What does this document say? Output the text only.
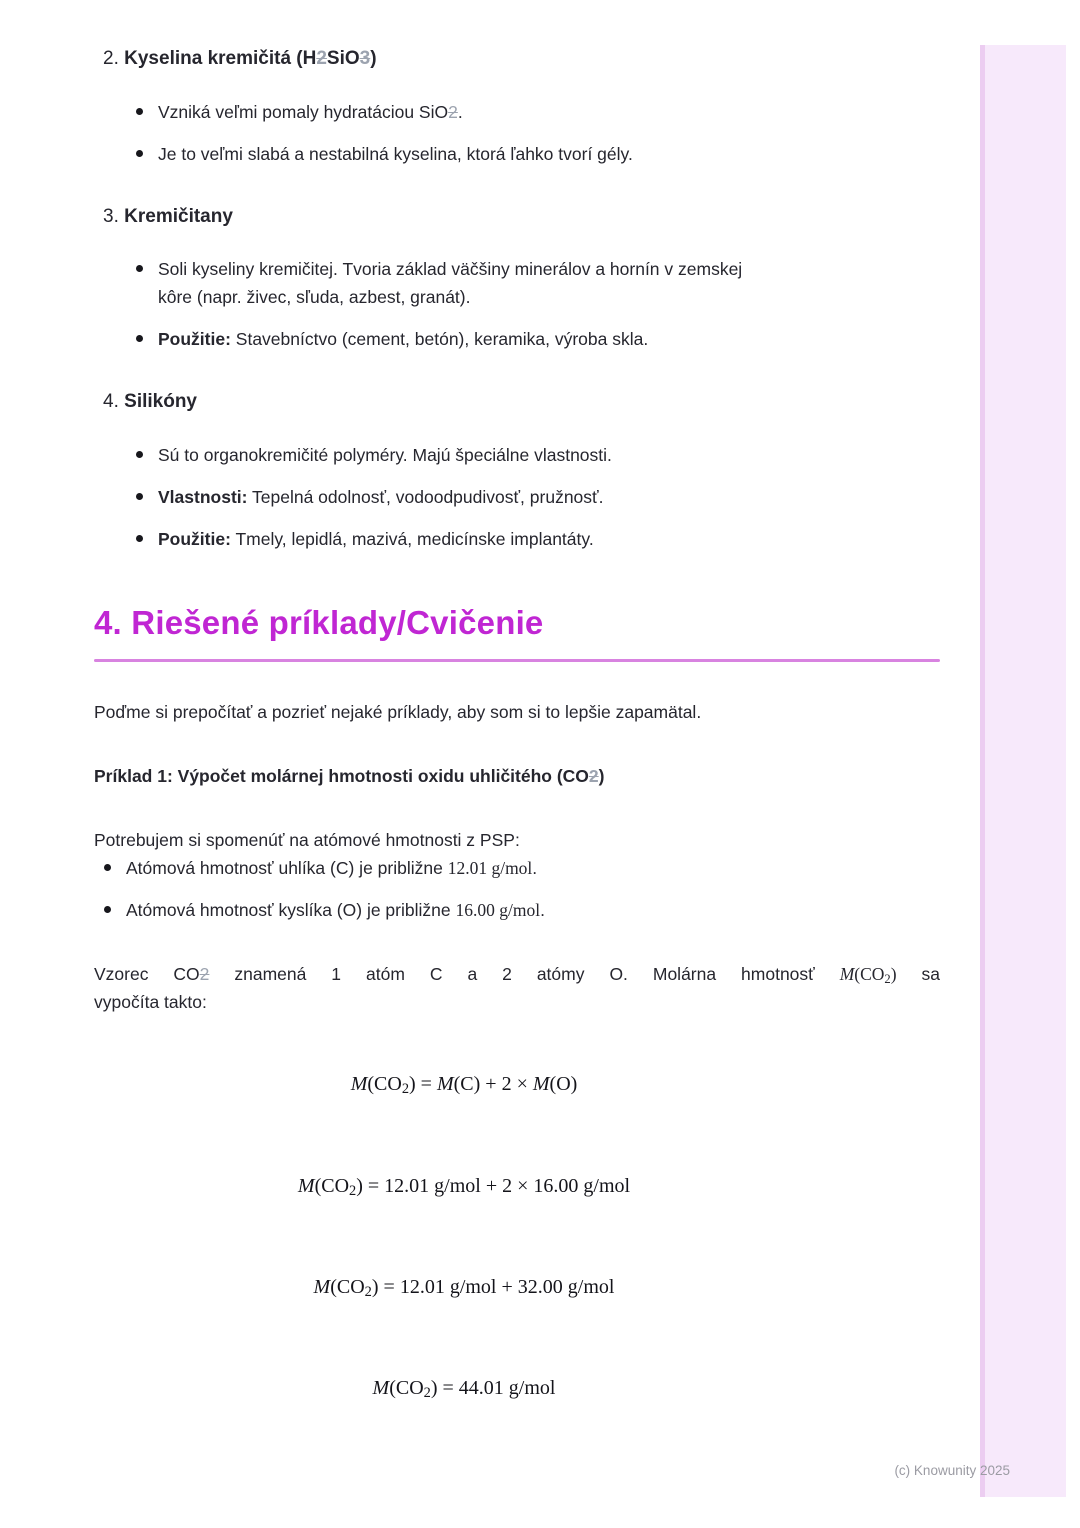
2. Kyselina kremičitá (H2SiO3)
Vzniká veľmi pomaly hydratáciou SiO2.
Je to veľmi slabá a nestabilná kyselina, ktorá ľahko tvorí gély.
3. Kremičitany
Soli kyseliny kremičitej. Tvoria základ väčšiny minerálov a hornín v zemskej kôre (napr. živec, sľuda, azbest, granát).
Použitie: Stavebníctvo (cement, betón), keramika, výroba skla.
4. Silikóny
Sú to organokremičité polyméry. Majú špeciálne vlastnosti.
Vlastnosti: Tepelná odolnosť, vodoodpudivosť, pružnosť.
Použitie: Tmely, lepidlá, mazivá, medicínske implantáty.
4. Riešené príklady/Cvičenie

Poďme si prepočítať a pozrieť nejaké príklady, aby som si to lepšie zapamätal.

Príklad 1: Výpočet molárnej hmotnosti oxidu uhličitého (CO2)

Potrebujem si spomenúť na atómové hmotnosti z PSP:

Atómová hmotnosť uhlíka (C) je približne 12.01 g/mol.
Atómová hmotnosť kyslíka (O) je približne 16.00 g/mol.

Vzorec CO2 znamená 1 atóm C a 2 atómy O. Molárna hmotnosť M(CO2) sa
vypočíta takto:

M(CO2) = M(C) + 2 × M(O)
M(CO2) = 12.01 g/mol + 2 × 16.00 g/mol
M(CO2) = 12.01 g/mol + 32.00 g/mol
M(CO2) = 44.01 g/mol
(c) Knowunity 2025
